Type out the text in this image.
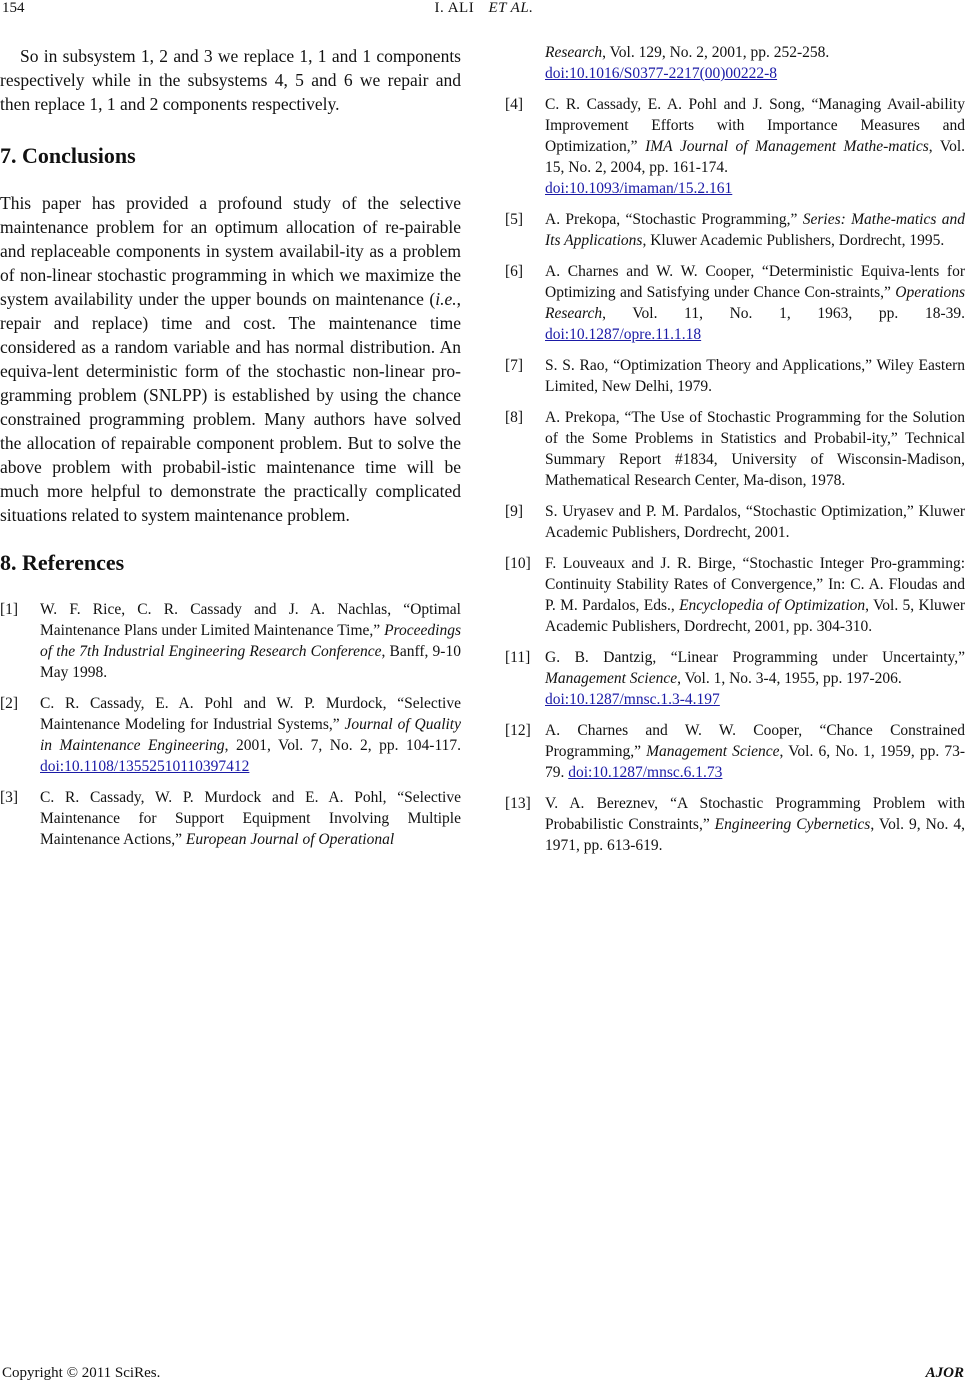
154	I. ALI ET AL.

So in subsystem 1, 2 and 3 we replace 1, 1 and 1 components respectively while in the subsystems 4, 5 and 6 we repair and then replace 1, 1 and 2 components respectively.

7. Conclusions

This paper has provided a profound study of the selective maintenance problem for an optimum allocation of re-pairable and replaceable components in system availabil-ity as a problem of non-linear stochastic programming in which we maximize the system availability under the upper bounds on maintenance (i.e., repair and replace) time and cost. The maintenance time considered as a random variable and has normal distribution. An equiva-lent deterministic form of the stochastic non-linear pro-gramming problem (SNLPP) is established by using the chance constrained programming problem. Many authors have solved the allocation of repairable component problem. But to solve the above problem with probabil-istic maintenance time will be much more helpful to demonstrate the practically complicated situations related to system maintenance problem.

8. References
[1]	W. F. Rice, C. R. Cassady and J. A. Nachlas, “Optimal Maintenance Plans under Limited Maintenance Time,” Proceedings of the 7th Industrial Engineering Research Conference, Banff, 9-10 May 1998.
[2]	C. R. Cassady, E. A. Pohl and W. P. Murdock, “Selective Maintenance Modeling for Industrial Systems,” Journal of Quality in Maintenance Engineering, 2001, Vol. 7, No. 2, pp. 104-117. doi:10.1108/13552510110397412
[3]	C. R. Cassady, W. P. Murdock and E. A. Pohl, “Selective Maintenance for Support Equipment Involving Multiple Maintenance Actions,” European Journal of Operational
Research, Vol. 129, No. 2, 2001, pp. 252-258.
doi:10.1016/S0377-2217(00)00222-8
[4]	C. R. Cassady, E. A. Pohl and J. Song, “Managing Avail-ability Improvement Efforts with Importance Measures and Optimization,” IMA Journal of Management Mathe-matics, Vol. 15, No. 2, 2004, pp. 161-174.
doi:10.1093/imaman/15.2.161
[5]	A. Prekopa, “Stochastic Programming,” Series: Mathe-matics and Its Applications, Kluwer Academic Publishers, Dordrecht, 1995.
[6]	A. Charnes and W. W. Cooper, “Deterministic Equiva-lents for Optimizing and Satisfying under Chance Con-straints,” Operations Research, Vol. 11, No. 1, 1963, pp. 18-39. doi:10.1287/opre.11.1.18
[7]	S. S. Rao, “Optimization Theory and Applications,” Wiley Eastern Limited, New Delhi, 1979.
[8]	A. Prekopa, “The Use of Stochastic Programming for the Solution of the Some Problems in Statistics and Probabil-ity,” Technical Summary Report #1834, University of Wisconsin-Madison, Mathematical Research Center, Ma-dison, 1978.
[9]	S. Uryasev and P. M. Pardalos, “Stochastic Optimization,” Kluwer Academic Publishers, Dordrecht, 2001.
[10] F. Louveaux and J. R. Birge, “Stochastic Integer Pro-gramming: Continuity Stability Rates of Convergence,” In: C. A. Floudas and P. M. Pardalos, Eds., Encyclopedia of Optimization, Vol. 5, Kluwer Academic Publishers, Dordrecht, 2001, pp. 304-310.
[11] G. B. Dantzig, “Linear Programming under Uncertainty,” Management Science, Vol. 1, No. 3-4, 1955, pp. 197-206.
doi:10.1287/mnsc.1.3-4.197
[12] A. Charnes and W. W. Cooper, “Chance Constrained Programming,” Management Science, Vol. 6, No. 1, 1959, pp. 73-79. doi:10.1287/mnsc.6.1.73
[13] V. A. Bereznev, “A Stochastic Programming Problem with Probabilistic Constraints,” Engineering Cybernetics, Vol. 9, No. 4, 1971, pp. 613-619.
Copyright © 2011 SciRes.	AJOR
